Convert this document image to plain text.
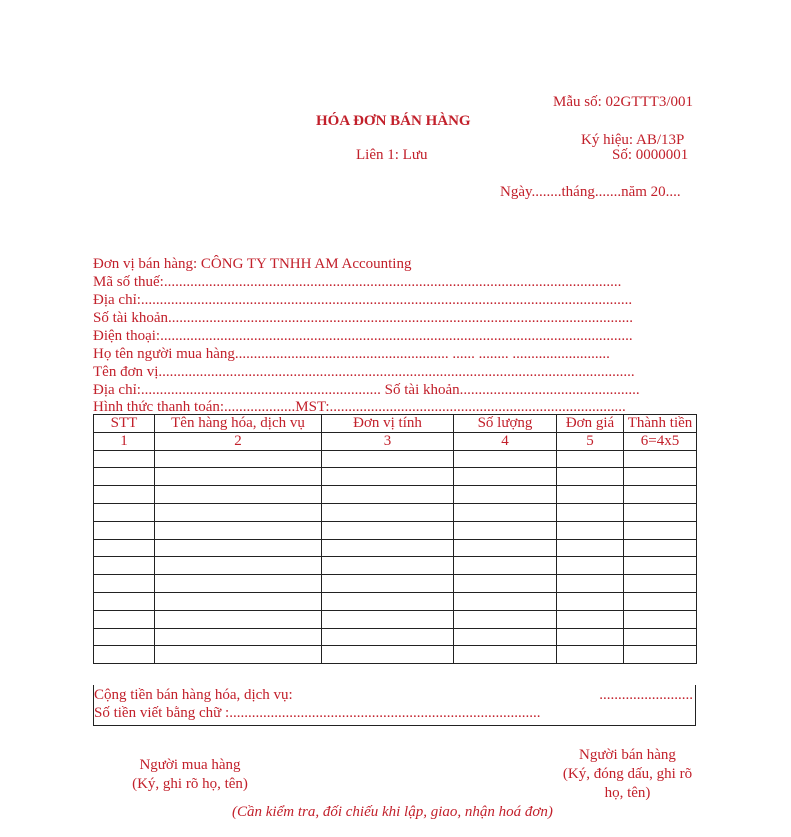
Mẫu số: 02GTTT3/001
HÓA ĐƠN BÁN HÀNG
Ký hiệu: AB/13P
Liên 1: Lưu	Số: 0000001
Ngày........tháng.......năm 20....
Đơn vị bán hàng: CÔNG TY TNHH AM Accounting
Mã số thuế:..........................................................................................................................
Địa chỉ:...................................................................................................................................
Số tài khoản............................................................................................................................
Điện thoại:..............................................................................................................................
Họ tên người mua hàng......................................................... ...... ........ ..........................
Tên đơn vị...............................................................................................................................
Địa chỉ:................................................................ Số tài khoản................................................
Hình thức thanh toán:...................MST:...............................................................................
STT	Tên hàng hóa, dịch vụ	Đơn vị tính	Số lượng	Đơn giá	Thành tiền
1	2	3	4	5	6=4x5

Cộng tiền bán hàng hóa, dịch vụ:	.........................
Số tiền viết bằng chữ :...................................................................................
Người mua hàng
(Ký, ghi rõ họ, tên)
Người bán hàng
(Ký, đóng dấu, ghi rõ
họ, tên)
(Cần kiểm tra, đối chiếu khi lập, giao, nhận hoá đơn)
